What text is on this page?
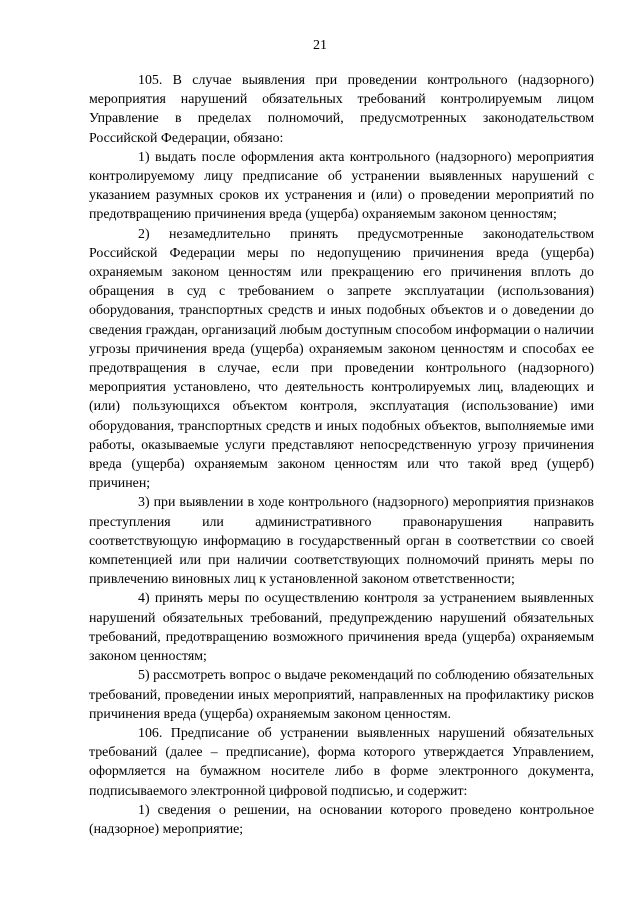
21

105. В случае выявления при проведении контрольного (надзорного) мероприятия нарушений обязательных требований контролируемым лицом Управление в пределах полномочий, предусмотренных законодательством Российской Федерации, обязано:

1) выдать после оформления акта контрольного (надзорного) мероприятия контролируемому лицу предписание об устранении выявленных нарушений с указанием разумных сроков их устранения и (или) о проведении мероприятий по предотвращению причинения вреда (ущерба) охраняемым законом ценностям;

2) незамедлительно принять предусмотренные законодательством Российской Федерации меры по недопущению причинения вреда (ущерба) охраняемым законом ценностям или прекращению его причинения вплоть до обращения в суд с требованием о запрете эксплуатации (использования) оборудования, транспортных средств и иных подобных объектов и о доведении до сведения граждан, организаций любым доступным способом информации о наличии угрозы причинения вреда (ущерба) охраняемым законом ценностям и способах ее предотвращения в случае, если при проведении контрольного (надзорного) мероприятия установлено, что деятельность контролируемых лиц, владеющих и (или) пользующихся объектом контроля, эксплуатация (использование) ими оборудования, транспортных средств и иных подобных объектов, выполняемые ими работы, оказываемые услуги представляют непосредственную угрозу причинения вреда (ущерба) охраняемым законом ценностям или что такой вред (ущерб) причинен;

3) при выявлении в ходе контрольного (надзорного) мероприятия признаков преступления или административного правонарушения направить соответствующую информацию в государственный орган в соответствии со своей компетенцией или при наличии соответствующих полномочий принять меры по привлечению виновных лиц к установленной законом ответственности;

4) принять меры по осуществлению контроля за устранением выявленных нарушений обязательных требований, предупреждению нарушений обязательных требований, предотвращению возможного причинения вреда (ущерба) охраняемым законом ценностям;

5) рассмотреть вопрос о выдаче рекомендаций по соблюдению обязательных требований, проведении иных мероприятий, направленных на профилактику рисков причинения вреда (ущерба) охраняемым законом ценностям.

106. Предписание об устранении выявленных нарушений обязательных требований (далее – предписание), форма которого утверждается Управлением, оформляется на бумажном носителе либо в форме электронного документа, подписываемого электронной цифровой подписью, и содержит:

1) сведения о решении, на основании которого проведено контрольное (надзорное) мероприятие;
